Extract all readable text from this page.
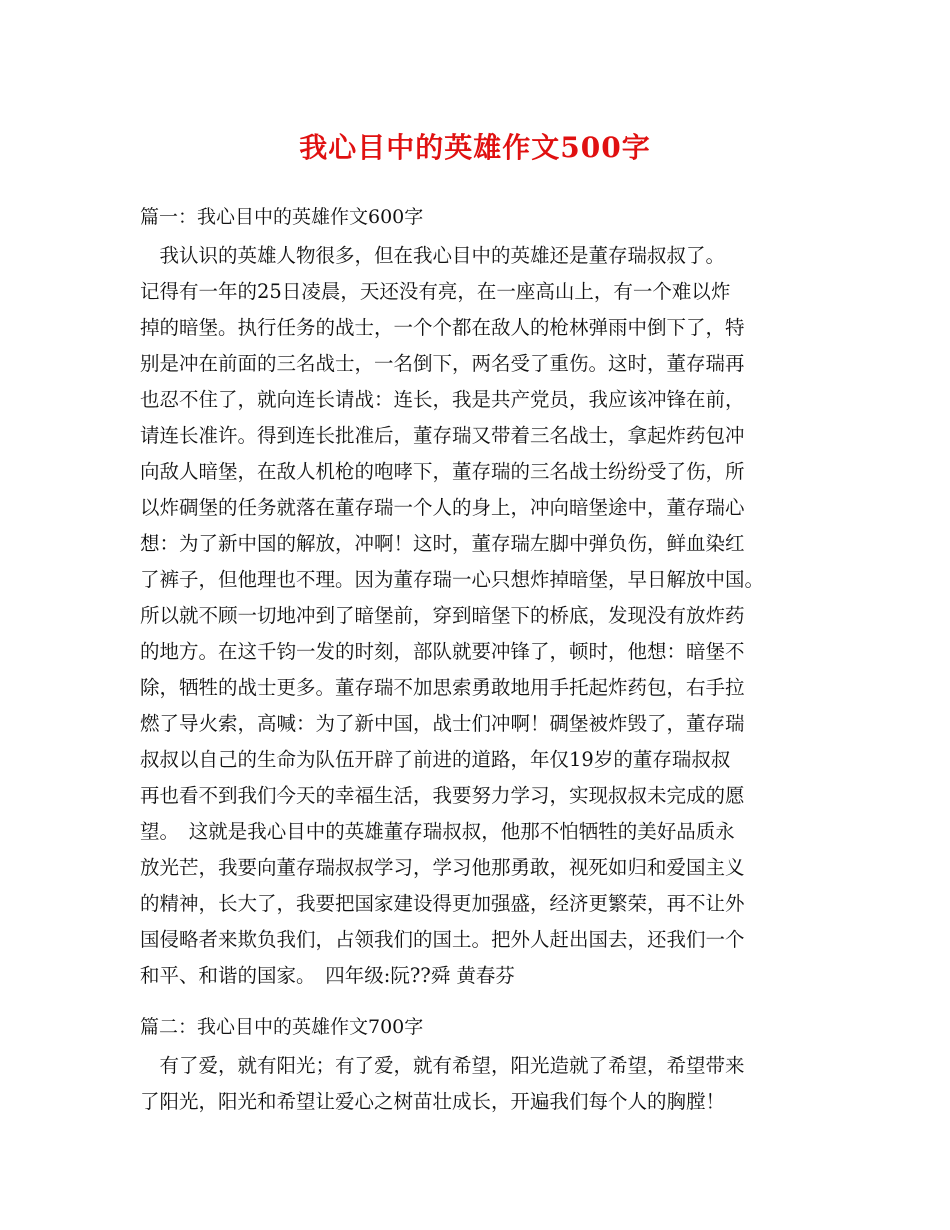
我心目中的英雄作文500字
篇一：我心目中的英雄作文600字
　我认识的英雄人物很多，但在我心目中的英雄还是董存瑞叔叔了。
记得有一年的25日凌晨，天还没有亮，在一座高山上，有一个难以炸
掉的暗堡。执行任务的战士，一个个都在敌人的枪林弹雨中倒下了，特
别是冲在前面的三名战士，一名倒下，两名受了重伤。这时，董存瑞再
也忍不住了，就向连长请战：连长，我是共产党员，我应该冲锋在前，
请连长准许。得到连长批准后，董存瑞又带着三名战士，拿起炸药包冲
向敌人暗堡，在敌人机枪的咆哮下，董存瑞的三名战士纷纷受了伤，所
以炸碉堡的任务就落在董存瑞一个人的身上，冲向暗堡途中，董存瑞心
想：为了新中国的解放，冲啊！这时，董存瑞左脚中弹负伤，鲜血染红
了裤子，但他理也不理。因为董存瑞一心只想炸掉暗堡，早日解放中国。
所以就不顾一切地冲到了暗堡前，穿到暗堡下的桥底，发现没有放炸药
的地方。在这千钧一发的时刻，部队就要冲锋了，顿时，他想：暗堡不
除，牺牲的战士更多。董存瑞不加思索勇敢地用手托起炸药包，右手拉
燃了导火索，高喊：为了新中国，战士们冲啊！碉堡被炸毁了，董存瑞
叔叔以自己的生命为队伍开辟了前进的道路，年仅19岁的董存瑞叔叔
再也看不到我们今天的幸福生活，我要努力学习，实现叔叔未完成的愿
望。　这就是我心目中的英雄董存瑞叔叔，他那不怕牺牲的美好品质永
放光芒，我要向董存瑞叔叔学习，学习他那勇敢，视死如归和爱国主义
的精神，长大了，我要把国家建设得更加强盛，经济更繁荣，再不让外
国侵略者来欺负我们，占领我们的国土。把外人赶出国去，还我们一个
和平、和谐的国家。　四年级:阮??舜 黄春芬
篇二：我心目中的英雄作文700字
　有了爱，就有阳光；有了爱，就有希望，阳光造就了希望，希望带来
了阳光，阳光和希望让爱心之树苗壮成长，开遍我们每个人的胸膛！
